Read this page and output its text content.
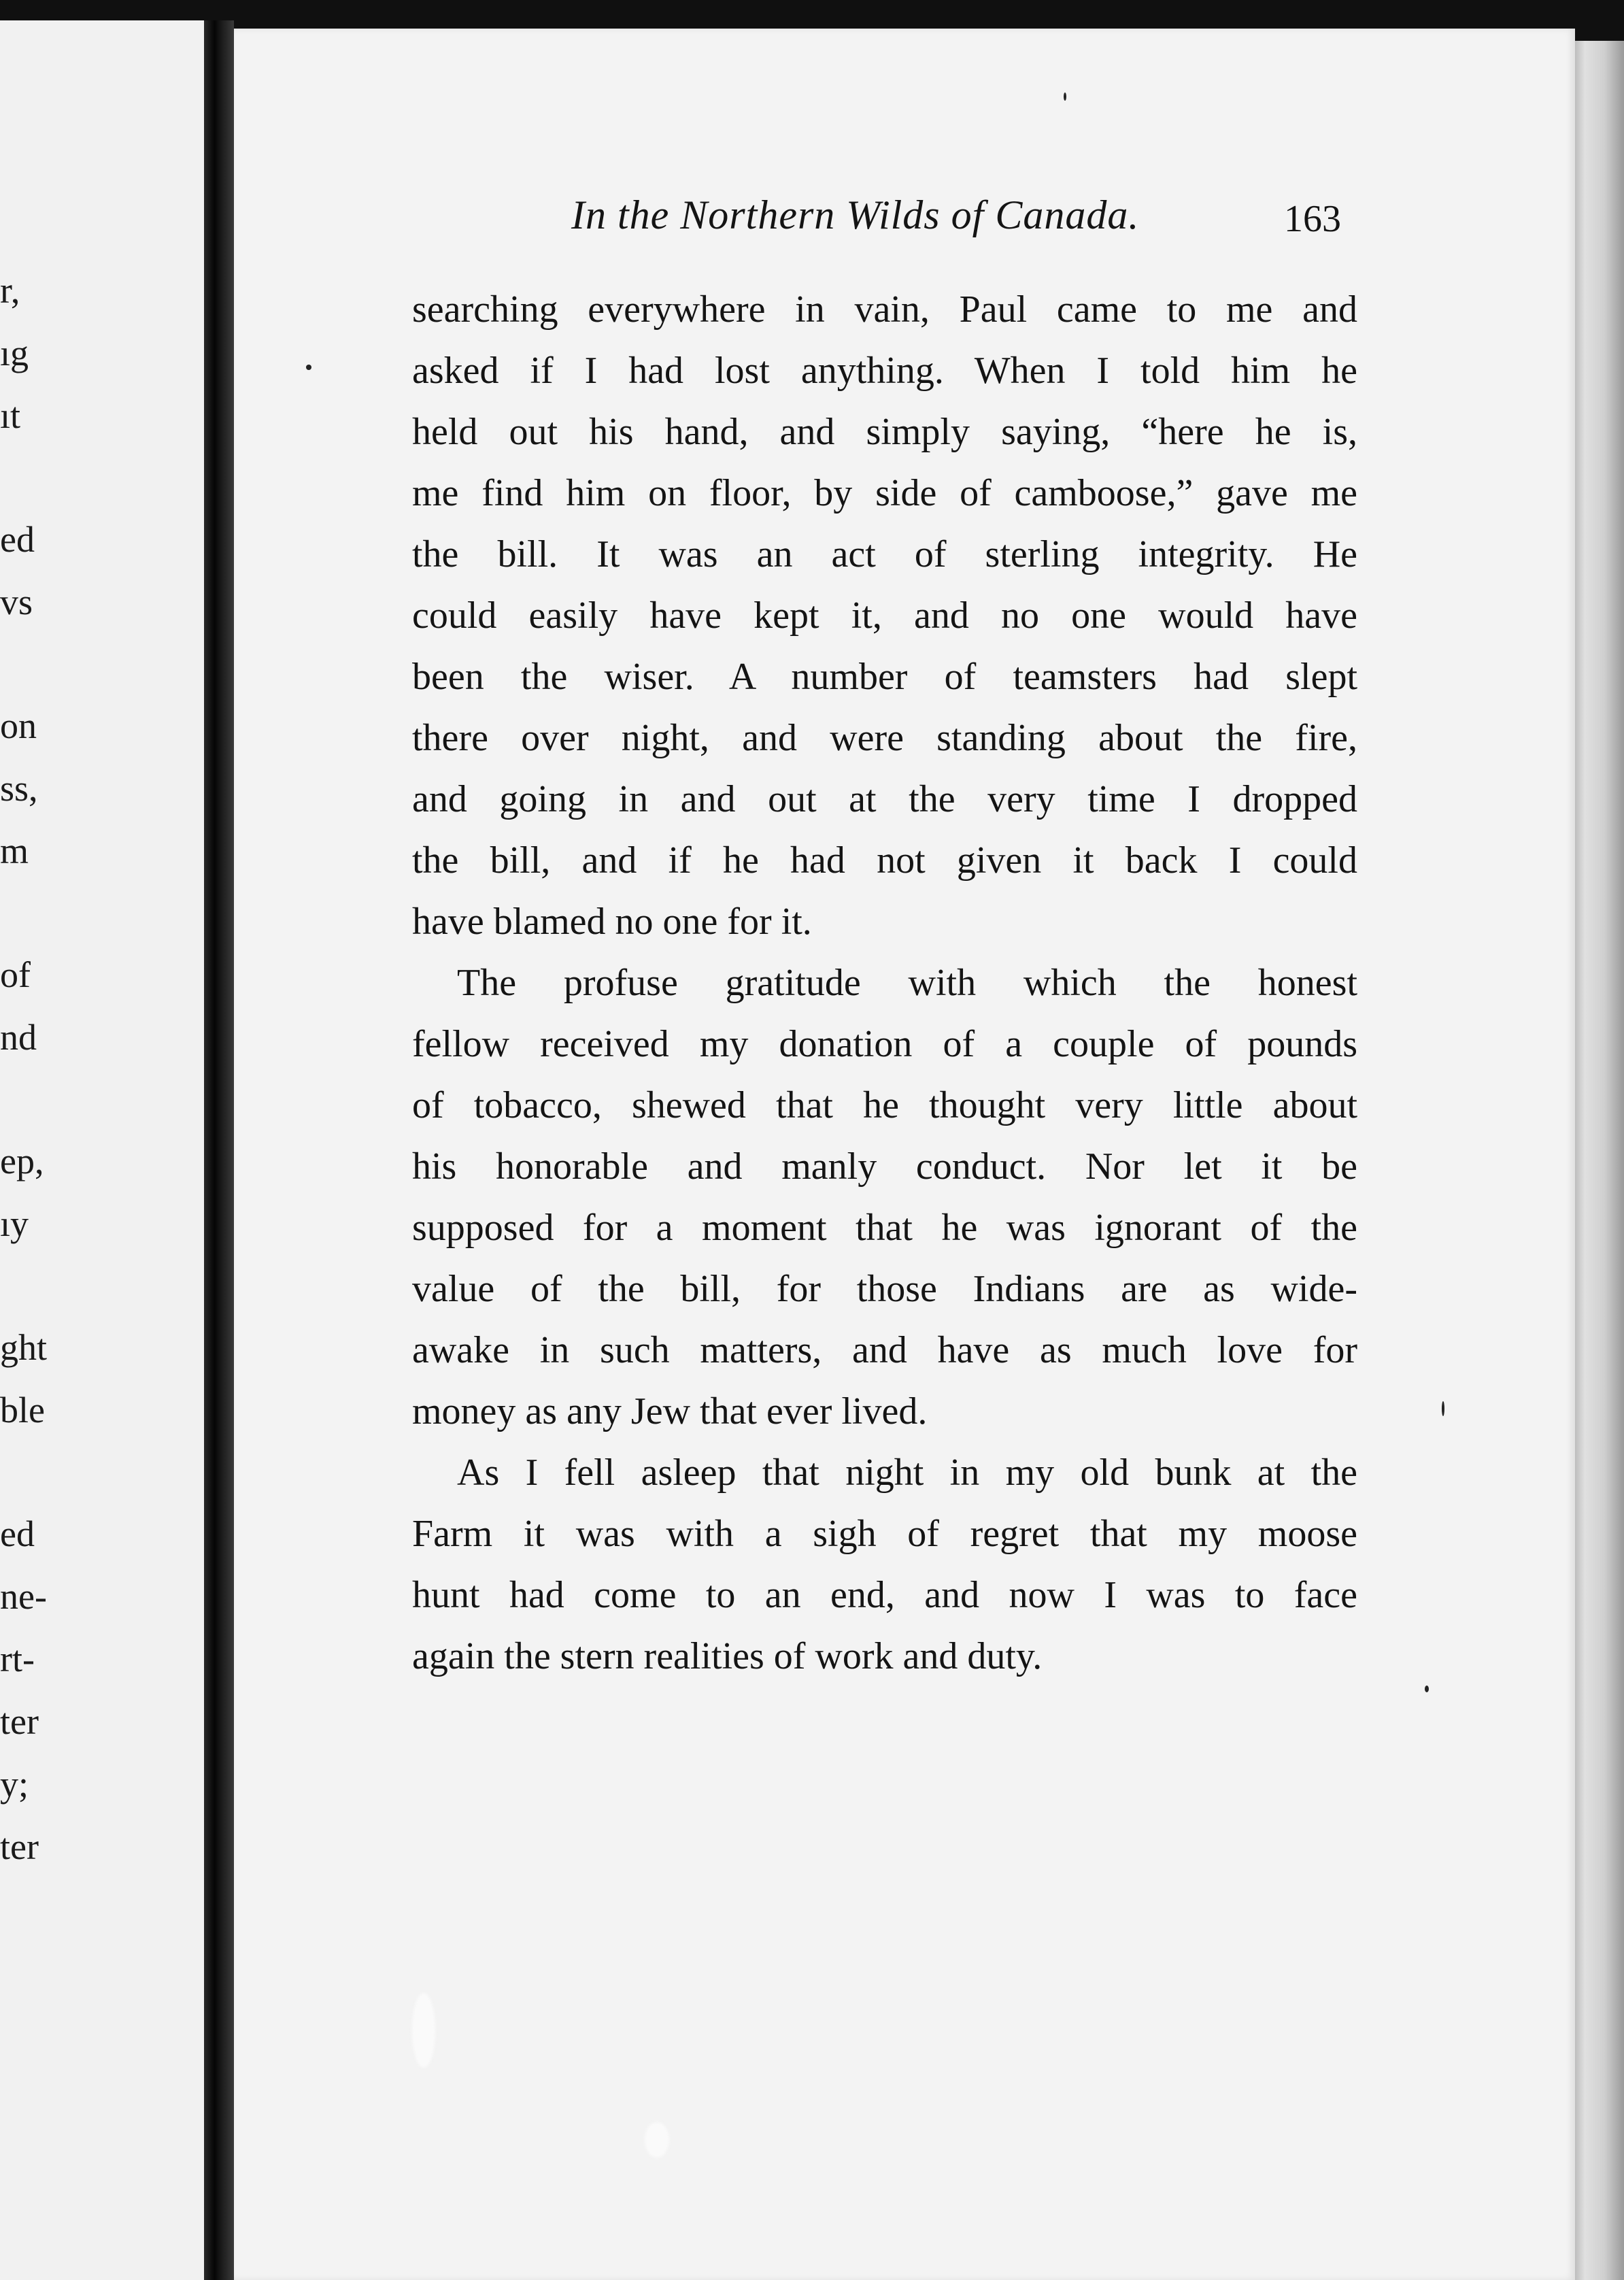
r,
ıg
ıt
ed
vs
on
ss,
m
of
nd
ep,
ıy
ght
ble
ed
ne-
rt-
ter
y;
ter
In the Northern Wilds of Canada.	163
searching everywhere in vain, Paul came to me and
asked if I had lost anything. When I told him he
held out his hand, and simply saying, “here he is,
me find him on floor, by side of camboose,” gave me
the bill. It was an act of sterling integrity. He
could easily have kept it, and no one would have
been the wiser. A number of teamsters had slept
there over night, and were standing about the fire,
and going in and out at the very time I dropped
the bill, and if he had not given it back I could
have blamed no one for it.
The profuse gratitude with which the honest
fellow received my donation of a couple of pounds
of tobacco, shewed that he thought very little about
his honorable and manly conduct. Nor let it be
supposed for a moment that he was ignorant of the
value of the bill, for those Indians are as wide-
awake in such matters, and have as much love for
money as any Jew that ever lived.
As I fell asleep that night in my old bunk at the
Farm it was with a sigh of regret that my moose
hunt had come to an end, and now I was to face
again the stern realities of work and duty.
